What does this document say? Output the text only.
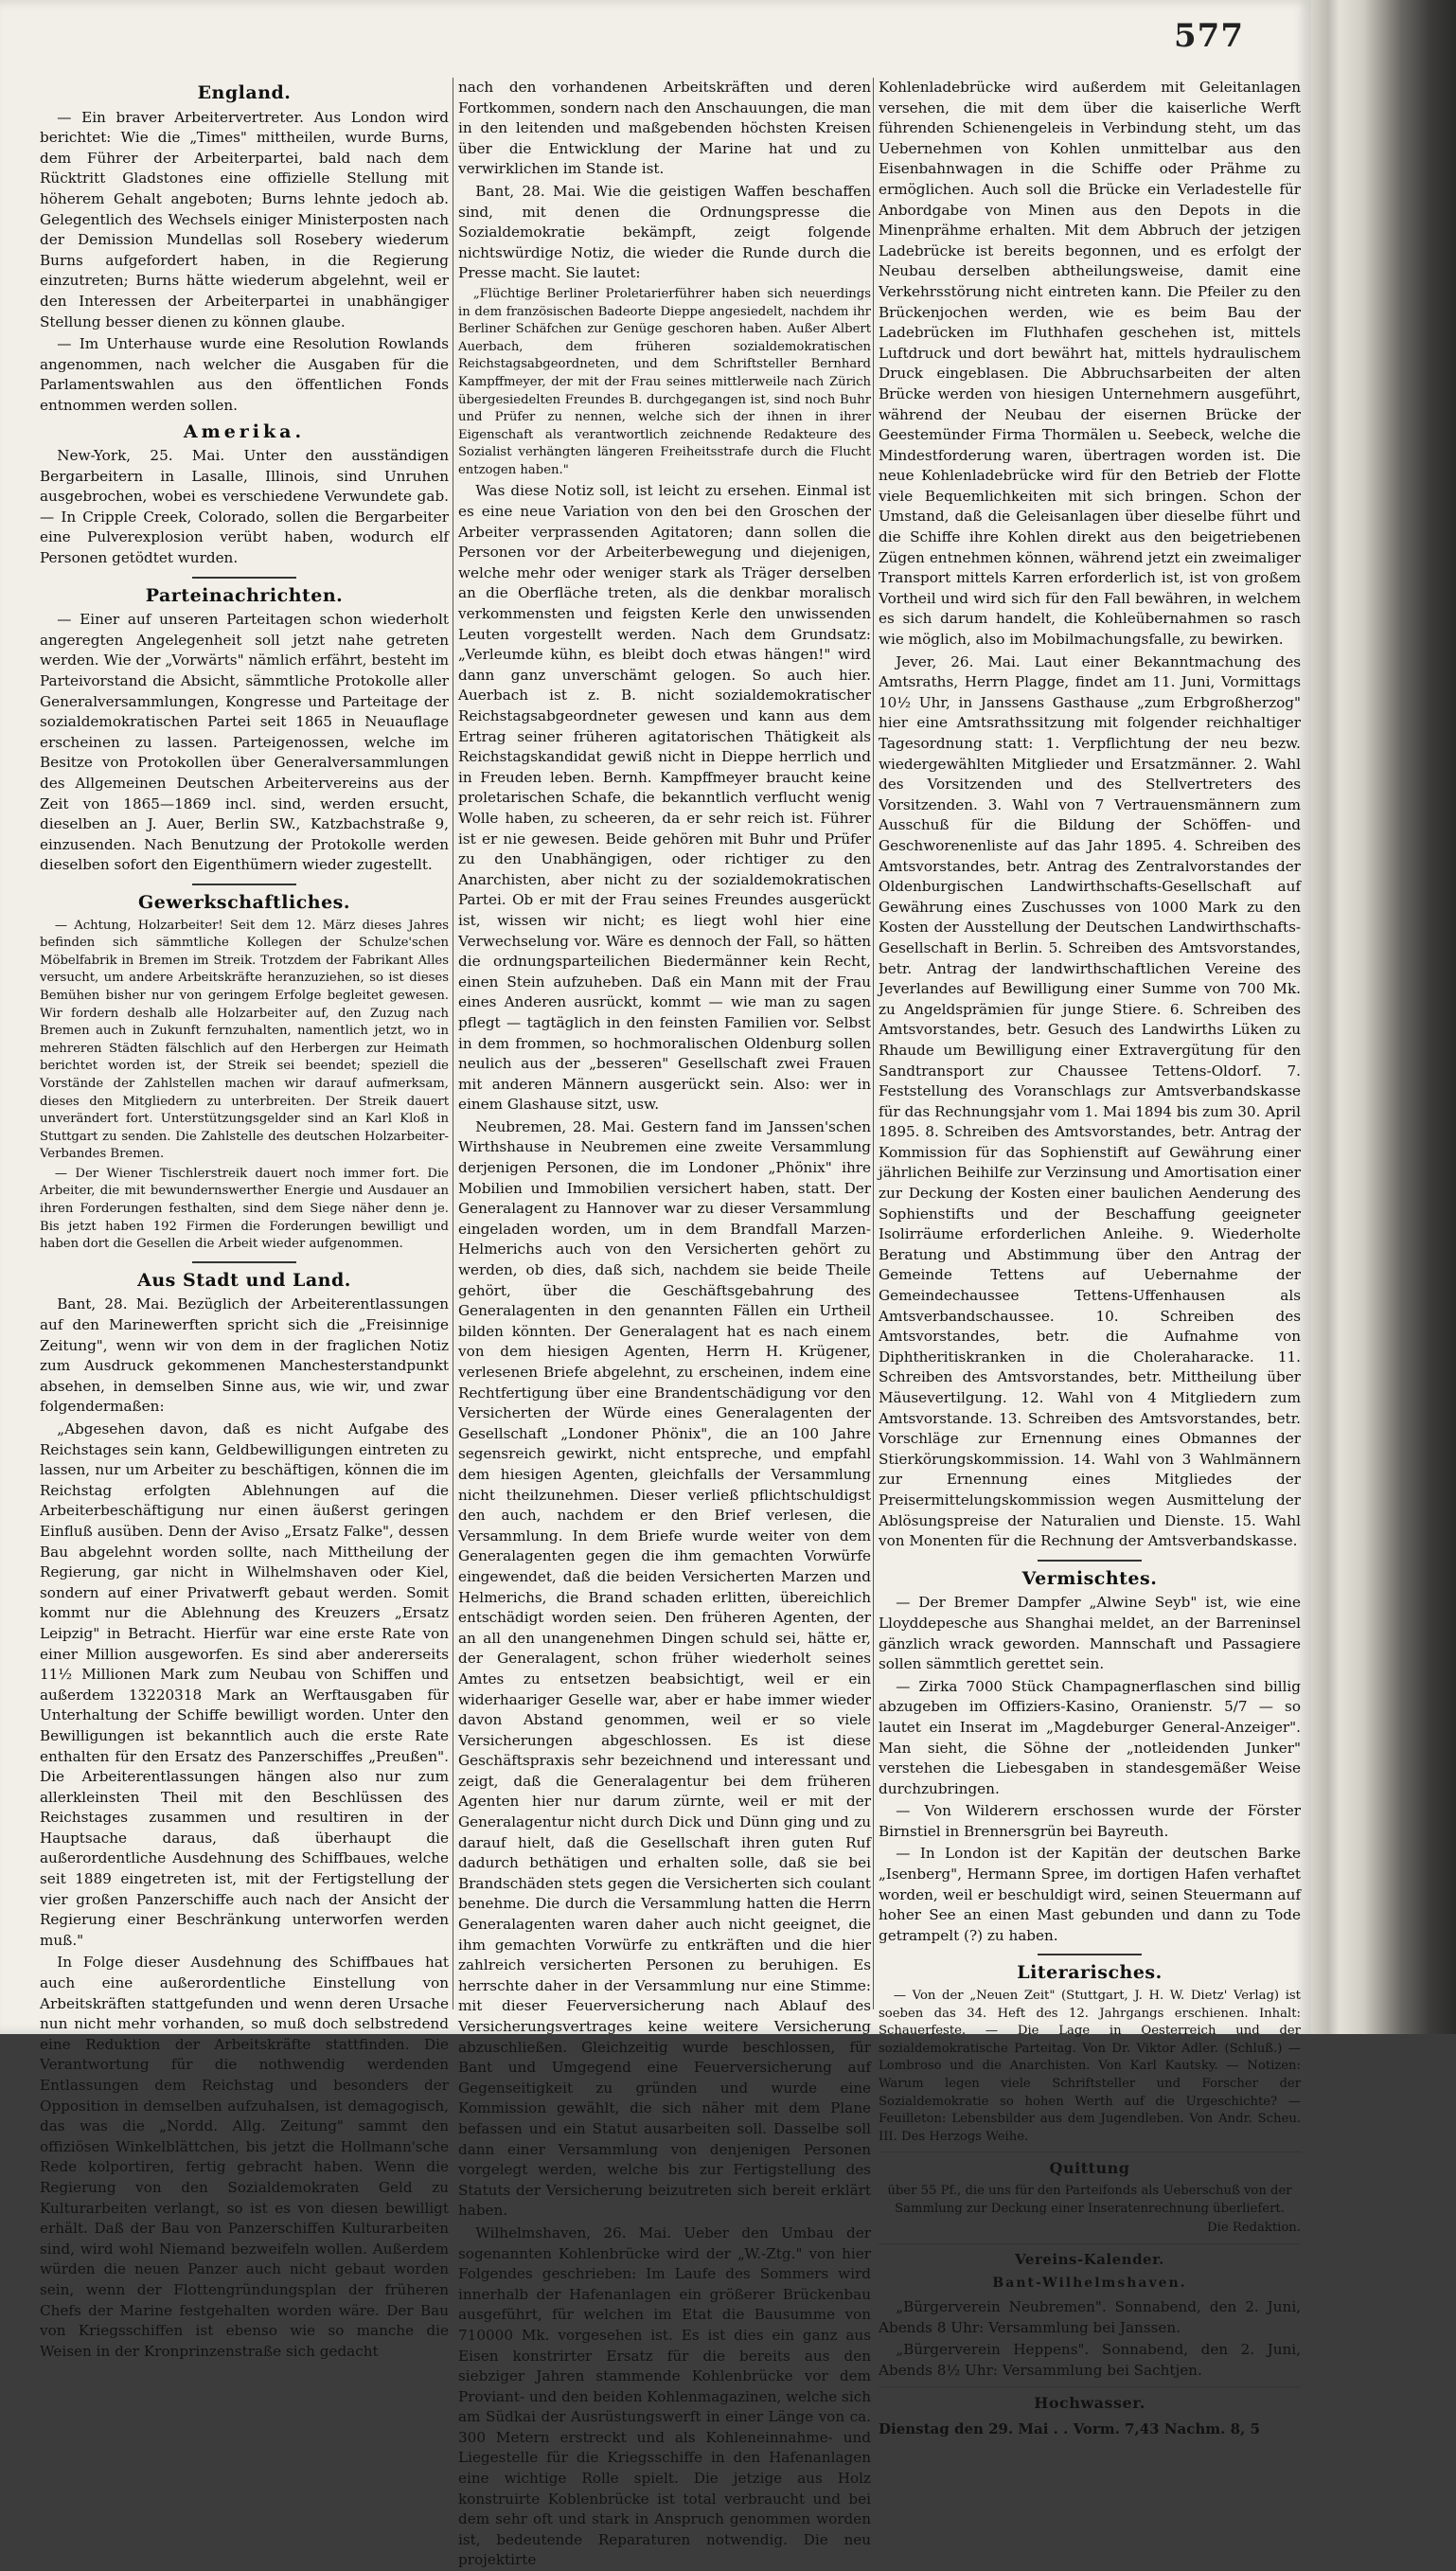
577
England.

— Ein braver Arbeitervertreter. Aus London wird berichtet: Wie die „Times" mittheilen, wurde Burns, dem Führer der Arbeiterpartei, bald nach dem Rücktritt Gladstones eine offizielle Stellung mit höherem Gehalt angeboten; Burns lehnte jedoch ab. Gelegentlich des Wechsels einiger Ministerposten nach der Demission Mundellas soll Rosebery wiederum Burns aufgefordert haben, in die Regierung einzutreten; Burns hätte wiederum abgelehnt, weil er den Interessen der Arbeiterpartei in unabhängiger Stellung besser dienen zu können glaube.

— Im Unterhause wurde eine Resolution Rowlands angenommen, nach welcher die Ausgaben für die Parlamentswahlen aus den öffentlichen Fonds entnommen werden sollen.

Amerika.

New-York, 25. Mai. Unter den ausständigen Bergarbeitern in Lasalle, Illinois, sind Unruhen ausgebrochen, wobei es verschiedene Verwundete gab. — In Cripple Creek, Colorado, sollen die Bergarbeiter eine Pulverexplosion verübt haben, wodurch elf Personen getödtet wurden.

Parteinachrichten.

— Einer auf unseren Parteitagen schon wiederholt angeregten Angelegenheit soll jetzt nahe getreten werden. Wie der „Vorwärts" nämlich erfährt, besteht im Parteivorstand die Absicht, sämmtliche Protokolle aller Generalversammlungen, Kongresse und Parteitage der sozialdemokratischen Partei seit 1865 in Neuauflage erscheinen zu lassen. Parteigenossen, welche im Besitze von Protokollen über Generalversammlungen des Allgemeinen Deutschen Arbeitervereins aus der Zeit von 1865—1869 incl. sind, werden ersucht, dieselben an J. Auer, Berlin SW., Katzbachstraße 9, einzusenden. Nach Benutzung der Protokolle werden dieselben sofort den Eigenthümern wieder zugestellt.

Gewerkschaftliches.

— Achtung, Holzarbeiter! Seit dem 12. März dieses Jahres befinden sich sämmtliche Kollegen der Schulze'schen Möbelfabrik in Bremen im Streik. Trotzdem der Fabrikant Alles versucht, um andere Arbeitskräfte heranzuziehen, so ist dieses Bemühen bisher nur von geringem Erfolge begleitet gewesen. Wir fordern deshalb alle Holzarbeiter auf, den Zuzug nach Bremen auch in Zukunft fernzuhalten, namentlich jetzt, wo in mehreren Städten fälschlich auf den Herbergen zur Heimath berichtet worden ist, der Streik sei beendet; speziell die Vorstände der Zahlstellen machen wir darauf aufmerksam, dieses den Mitgliedern zu unterbreiten. Der Streik dauert unverändert fort. Unterstützungsgelder sind an Karl Kloß in Stuttgart zu senden. Die Zahlstelle des deutschen Holzarbeiter-Verbandes Bremen.

— Der Wiener Tischlerstreik dauert noch immer fort. Die Arbeiter, die mit bewundernswerther Energie und Ausdauer an ihren Forderungen festhalten, sind dem Siege näher denn je. Bis jetzt haben 192 Firmen die Forderungen bewilligt und haben dort die Gesellen die Arbeit wieder aufgenommen.

Aus Stadt und Land.

Bant, 28. Mai. Bezüglich der Arbeiterentlassungen auf den Marinewerften spricht sich die „Freisinnige Zeitung", wenn wir von dem in der fraglichen Notiz zum Ausdruck gekommenen Manchesterstandpunkt absehen, in demselben Sinne aus, wie wir, und zwar folgendermaßen:

„Abgesehen davon, daß es nicht Aufgabe des Reichstages sein kann, Geldbewilligungen eintreten zu lassen, nur um Arbeiter zu beschäftigen, können die im Reichstag erfolgten Ablehnungen auf die Arbeiterbeschäftigung nur einen äußerst geringen Einfluß ausüben. Denn der Aviso „Ersatz Falke", dessen Bau abgelehnt worden sollte, nach Mittheilung der Regierung, gar nicht in Wilhelmshaven oder Kiel, sondern auf einer Privatwerft gebaut werden. Somit kommt nur die Ablehnung des Kreuzers „Ersatz Leipzig" in Betracht. Hierfür war eine erste Rate von einer Million ausgeworfen. Es sind aber andererseits 11½ Millionen Mark zum Neubau von Schiffen und außerdem 13220318 Mark an Werftausgaben für Unterhaltung der Schiffe bewilligt worden. Unter den Bewilligungen ist bekanntlich auch die erste Rate enthalten für den Ersatz des Panzerschiffes „Preußen". Die Arbeiterentlassungen hängen also nur zum allerkleinsten Theil mit den Beschlüssen des Reichstages zusammen und resultiren in der Hauptsache daraus, daß überhaupt die außerordentliche Ausdehnung des Schiffbaues, welche seit 1889 eingetreten ist, mit der Fertigstellung der vier großen Panzerschiffe auch nach der Ansicht der Regierung einer Beschränkung unterworfen werden muß."

In Folge dieser Ausdehnung des Schiffbaues hat auch eine außerordentliche Einstellung von Arbeitskräften stattgefunden und wenn deren Ursache nun nicht mehr vorhanden, so muß doch selbstredend eine Reduktion der Arbeitskräfte stattfinden. Die Verantwortung für die nothwendig werdenden Entlassungen dem Reichstag und besonders der Opposition in demselben aufzuhalsen, ist demagogisch, das was die „Nordd. Allg. Zeitung" sammt den offiziösen Winkelblättchen, bis jetzt die Hollmann'sche Rede kolportiren, fertig gebracht haben. Wenn die Regierung von den Sozialdemokraten Geld zu Kulturarbeiten verlangt, so ist es von diesen bewilligt erhält. Daß der Bau von Panzerschiffen Kulturarbeiten sind, wird wohl Niemand bezweifeln wollen. Außerdem würden die neuen Panzer auch nicht gebaut worden sein, wenn der Flottengründungsplan der früheren Chefs der Marine festgehalten worden wäre. Der Bau von Kriegsschiffen ist ebenso wie so manche die Weisen in der Kronprinzenstraße sich gedacht

nach den vorhandenen Arbeitskräften und deren Fortkommen, sondern nach den Anschauungen, die man in den leitenden und maßgebenden höchsten Kreisen über die Entwicklung der Marine hat und zu verwirklichen im Stande ist.

Bant, 28. Mai. Wie die geistigen Waffen beschaffen sind, mit denen die Ordnungspresse die Sozialdemokratie bekämpft, zeigt folgende nichtswürdige Notiz, die wieder die Runde durch die Presse macht. Sie lautet:

„Flüchtige Berliner Proletarierführer haben sich neuerdings in dem französischen Badeorte Dieppe angesiedelt, nachdem ihr Berliner Schäfchen zur Genüge geschoren haben. Außer Albert Auerbach, dem früheren sozialdemokratischen Reichstagsabgeordneten, und dem Schriftsteller Bernhard Kampffmeyer, der mit der Frau seines mittlerweile nach Zürich übergesiedelten Freundes B. durchgegangen ist, sind noch Buhr und Prüfer zu nennen, welche sich der ihnen in ihrer Eigenschaft als verantwortlich zeichnende Redakteure des Sozialist verhängten längeren Freiheitsstrafe durch die Flucht entzogen haben."

Was diese Notiz soll, ist leicht zu ersehen. Einmal ist es eine neue Variation von den bei den Groschen der Arbeiter verprassenden Agitatoren; dann sollen die Personen vor der Arbeiterbewegung und diejenigen, welche mehr oder weniger stark als Träger derselben an die Oberfläche treten, als die denkbar moralisch verkommensten und feigsten Kerle den unwissenden Leuten vorgestellt werden. Nach dem Grundsatz: „Verleumde kühn, es bleibt doch etwas hängen!" wird dann ganz unverschämt gelogen. So auch hier. Auerbach ist z. B. nicht sozialdemokratischer Reichstagsabgeordneter gewesen und kann aus dem Ertrag seiner früheren agitatorischen Thätigkeit als Reichstagskandidat gewiß nicht in Dieppe herrlich und in Freuden leben. Bernh. Kampffmeyer braucht keine proletarischen Schafe, die bekanntlich verflucht wenig Wolle haben, zu scheeren, da er sehr reich ist. Führer ist er nie gewesen. Beide gehören mit Buhr und Prüfer zu den Unabhängigen, oder richtiger zu den Anarchisten, aber nicht zu der sozialdemokratischen Partei. Ob er mit der Frau seines Freundes ausgerückt ist, wissen wir nicht; es liegt wohl hier eine Verwechselung vor. Wäre es dennoch der Fall, so hätten die ordnungsparteilichen Biedermänner kein Recht, einen Stein aufzuheben. Daß ein Mann mit der Frau eines Anderen ausrückt, kommt — wie man zu sagen pflegt — tagtäglich in den feinsten Familien vor. Selbst in dem frommen, so hochmoralischen Oldenburg sollen neulich aus der „besseren" Gesellschaft zwei Frauen mit anderen Männern ausgerückt sein. Also: wer in einem Glashause sitzt, usw.

Neubremen, 28. Mai. Gestern fand im Janssen'schen Wirthshause in Neubremen eine zweite Versammlung derjenigen Personen, die im Londoner „Phönix" ihre Mobilien und Immobilien versichert haben, statt. Der Generalagent zu Hannover war zu dieser Versammlung eingeladen worden, um in dem Brandfall Marzen-Helmerichs auch von den Versicherten gehört zu werden, ob dies, daß sich, nachdem sie beide Theile gehört, über die Geschäftsgebahrung des Generalagenten in den genannten Fällen ein Urtheil bilden könnten. Der Generalagent hat es nach einem von dem hiesigen Agenten, Herrn H. Krügener, verlesenen Briefe abgelehnt, zu erscheinen, indem eine Rechtfertigung über eine Brandentschädigung vor den Versicherten der Würde eines Generalagenten der Gesellschaft „Londoner Phönix", die an 100 Jahre segensreich gewirkt, nicht entspreche, und empfahl dem hiesigen Agenten, gleichfalls der Versammlung nicht theilzunehmen. Dieser verließ pflichtschuldigst den auch, nachdem er den Brief verlesen, die Versammlung. In dem Briefe wurde weiter von dem Generalagenten gegen die ihm gemachten Vorwürfe eingewendet, daß die beiden Versicherten Marzen und Helmerichs, die Brand schaden erlitten, übereichlich entschädigt worden seien. Den früheren Agenten, der an all den unangenehmen Dingen schuld sei, hätte er, der Generalagent, schon früher wiederholt seines Amtes zu entsetzen beabsichtigt, weil er ein widerhaariger Geselle war, aber er habe immer wieder davon Abstand genommen, weil er so viele Versicherungen abgeschlossen. Es ist diese Geschäftspraxis sehr bezeichnend und interessant und zeigt, daß die Generalagentur bei dem früheren Agenten hier nur darum zürnte, weil er mit der Generalagentur nicht durch Dick und Dünn ging und zu darauf hielt, daß die Gesellschaft ihren guten Ruf dadurch bethätigen und erhalten solle, daß sie bei Brandschäden stets gegen die Versicherten sich coulant benehme. Die durch die Versammlung hatten die Herrn Generalagenten waren daher auch nicht geeignet, die ihm gemachten Vorwürfe zu entkräften und die hier zahlreich versicherten Personen zu beruhigen. Es herrschte daher in der Versammlung nur eine Stimme: mit dieser Feuerversicherung nach Ablauf des Versicherungsvertrages keine weitere Versicherung abzuschließen. Gleichzeitig wurde beschlossen, für Bant und Umgegend eine Feuerversicherung auf Gegenseitigkeit zu gründen und wurde eine Kommission gewählt, die sich näher mit dem Plane befassen und ein Statut ausarbeiten soll. Dasselbe soll dann einer Versammlung von denjenigen Personen vorgelegt werden, welche bis zur Fertigstellung des Statuts der Versicherung beizutreten sich bereit erklärt haben.

Wilhelmshaven, 26. Mai. Ueber den Umbau der sogenannten Kohlenbrücke wird der „W.-Ztg." von hier Folgendes geschrieben: Im Laufe des Sommers wird innerhalb der Hafenanlagen ein größerer Brückenbau ausgeführt, für welchen im Etat die Bausumme von 710000 Mk. vorgesehen ist. Es ist dies ein ganz aus Eisen konstrirter Ersatz für die bereits aus den siebziger Jahren stammende Kohlenbrücke vor dem Proviant- und den beiden Kohlenmagazinen, welche sich am Südkai der Ausrüstungswerft in einer Länge von ca. 300 Metern erstreckt und als Kohleneinnahme- und Liegestelle für die Kriegsschiffe in den Hafenanlagen eine wichtige Rolle spielt. Die jetzige aus Holz konstruirte Koblenbrücke ist total verbraucht und bei dem sehr oft und stark in Anspruch genommen worden ist, bedeutende Reparaturen notwendig. Die neu projektirte

Kohlenladebrücke wird außerdem mit Geleitanlagen versehen, die mit dem über die kaiserliche Werft führenden Schienengeleis in Verbindung steht, um das Uebernehmen von Kohlen unmittelbar aus den Eisenbahnwagen in die Schiffe oder Prähme zu ermöglichen. Auch soll die Brücke ein Verladestelle für Anbordgabe von Minen aus den Depots in die Minenprähme erhalten. Mit dem Abbruch der jetzigen Ladebrücke ist bereits begonnen, und es erfolgt der Neubau derselben abtheilungsweise, damit eine Verkehrsstörung nicht eintreten kann. Die Pfeiler zu den Brückenjochen werden, wie es beim Bau der Ladebrücken im Fluthhafen geschehen ist, mittels Luftdruck und dort bewährt hat, mittels hydraulischem Druck eingeblasen. Die Abbruchsarbeiten der alten Brücke werden von hiesigen Unternehmern ausgeführt, während der Neubau der eisernen Brücke der Geestemünder Firma Thormälen u. Seebeck, welche die Mindestforderung waren, übertragen worden ist. Die neue Kohlenladebrücke wird für den Betrieb der Flotte viele Bequemlichkeiten mit sich bringen. Schon der Umstand, daß die Geleisanlagen über dieselbe führt und die Schiffe ihre Kohlen direkt aus den beigetriebenen Zügen entnehmen können, während jetzt ein zweimaliger Transport mittels Karren erforderlich ist, ist von großem Vortheil und wird sich für den Fall bewähren, in welchem es sich darum handelt, die Kohleübernahmen so rasch wie möglich, also im Mobilmachungsfalle, zu bewirken.

Jever, 26. Mai. Laut einer Bekanntmachung des Amtsraths, Herrn Plagge, findet am 11. Juni, Vormittags 10½ Uhr, in Janssens Gasthause „zum Erbgroßherzog" hier eine Amtsrathssitzung mit folgender reichhaltiger Tagesordnung statt: 1. Verpflichtung der neu bezw. wiedergewählten Mitglieder und Ersatzmänner. 2. Wahl des Vorsitzenden und des Stellvertreters des Vorsitzenden. 3. Wahl von 7 Vertrauensmännern zum Ausschuß für die Bildung der Schöffen- und Geschworenenliste auf das Jahr 1895. 4. Schreiben des Amtsvorstandes, betr. Antrag des Zentralvorstandes der Oldenburgischen Landwirthschafts-Gesellschaft auf Gewährung eines Zuschusses von 1000 Mark zu den Kosten der Ausstellung der Deutschen Landwirthschafts-Gesellschaft in Berlin. 5. Schreiben des Amtsvorstandes, betr. Antrag der landwirthschaftlichen Vereine des Jeverlandes auf Bewilligung einer Summe von 700 Mk. zu Angeldsprämien für junge Stiere. 6. Schreiben des Amtsvorstandes, betr. Gesuch des Landwirths Lüken zu Rhaude um Bewilligung einer Extravergütung für den Sandtransport zur Chaussee Tettens-Oldorf. 7. Feststellung des Voranschlags zur Amtsverbandskasse für das Rechnungsjahr vom 1. Mai 1894 bis zum 30. April 1895. 8. Schreiben des Amtsvorstandes, betr. Antrag der Kommission für das Sophienstift auf Gewährung einer jährlichen Beihilfe zur Verzinsung und Amortisation einer zur Deckung der Kosten einer baulichen Aenderung des Sophienstifts und der Beschaffung geeigneter Isolirräume erforderlichen Anleihe. 9. Wiederholte Beratung und Abstimmung über den Antrag der Gemeinde Tettens auf Uebernahme der Gemeindechaussee Tettens-Uffenhausen als Amtsverbandschaussee. 10. Schreiben des Amtsvorstandes, betr. die Aufnahme von Diphtheritiskranken in die Choleraharacke. 11. Schreiben des Amtsvorstandes, betr. Mittheilung über Mäusevertilgung. 12. Wahl von 4 Mitgliedern zum Amtsvorstande. 13. Schreiben des Amtsvorstandes, betr. Vorschläge zur Ernennung eines Obmannes der Stierkörungskommission. 14. Wahl von 3 Wahlmännern zur Ernennung eines Mitgliedes der Preisermittelungskommission wegen Ausmittelung der Ablösungspreise der Naturalien und Dienste. 15. Wahl von Monenten für die Rechnung der Amtsverbandskasse.

Vermischtes.

— Der Bremer Dampfer „Alwine Seyb" ist, wie eine Lloyddepesche aus Shanghai meldet, an der Barreninsel gänzlich wrack geworden. Mannschaft und Passagiere sollen sämmtlich gerettet sein.

— Zirka 7000 Stück Champagnerflaschen sind billig abzugeben im Offiziers-Kasino, Oranienstr. 5/7 — so lautet ein Inserat im „Magdeburger General-Anzeiger". Man sieht, die Söhne der „notleidenden Junker" verstehen die Liebesgaben in standesgemäßer Weise durchzubringen.

— Von Wilderern erschossen wurde der Förster Birnstiel in Brennersgrün bei Bayreuth.

— In London ist der Kapitän der deutschen Barke „Isenberg", Hermann Spree, im dortigen Hafen verhaftet worden, weil er beschuldigt wird, seinen Steuermann auf hoher See an einen Mast gebunden und dann zu Tode getrampelt (?) zu haben.

Literarisches.

— Von der „Neuen Zeit" (Stuttgart, J. H. W. Dietz' Verlag) ist soeben das 34. Heft des 12. Jahrgangs erschienen. Inhalt: Schauerfeste. — Die Lage in Oesterreich und der sozialdemokratische Parteitag. Von Dr. Viktor Adler. (Schluß.) — Lombroso und die Anarchisten. Von Karl Kautsky. — Notizen: Warum legen viele Schriftsteller und Forscher der Sozialdemokratie so hohen Werth auf die Urgeschichte? — Feuilleton: Lebensbilder aus dem Jugendleben. Von Andr. Scheu. III. Des Herzogs Weihe.

Quittung

über 55 Pf., die uns für den Parteifonds als Ueberschuß von der Sammlung zur Deckung einer Inseratenrechnung überliefert.

Die Redaktion.

Vereins-Kalender.
Bant-Wilhelmshaven.

„Bürgerverein Neubremen". Sonnabend, den 2. Juni, Abends 8 Uhr: Versammlung bei Janssen.

„Bürgerverein Heppens". Sonnabend, den 2. Juni, Abends 8½ Uhr: Versammlung bei Sachtjen.

Hochwasser.

Dienstag den 29. Mai . . Vorm. 7,43 Nachm. 8, 5
